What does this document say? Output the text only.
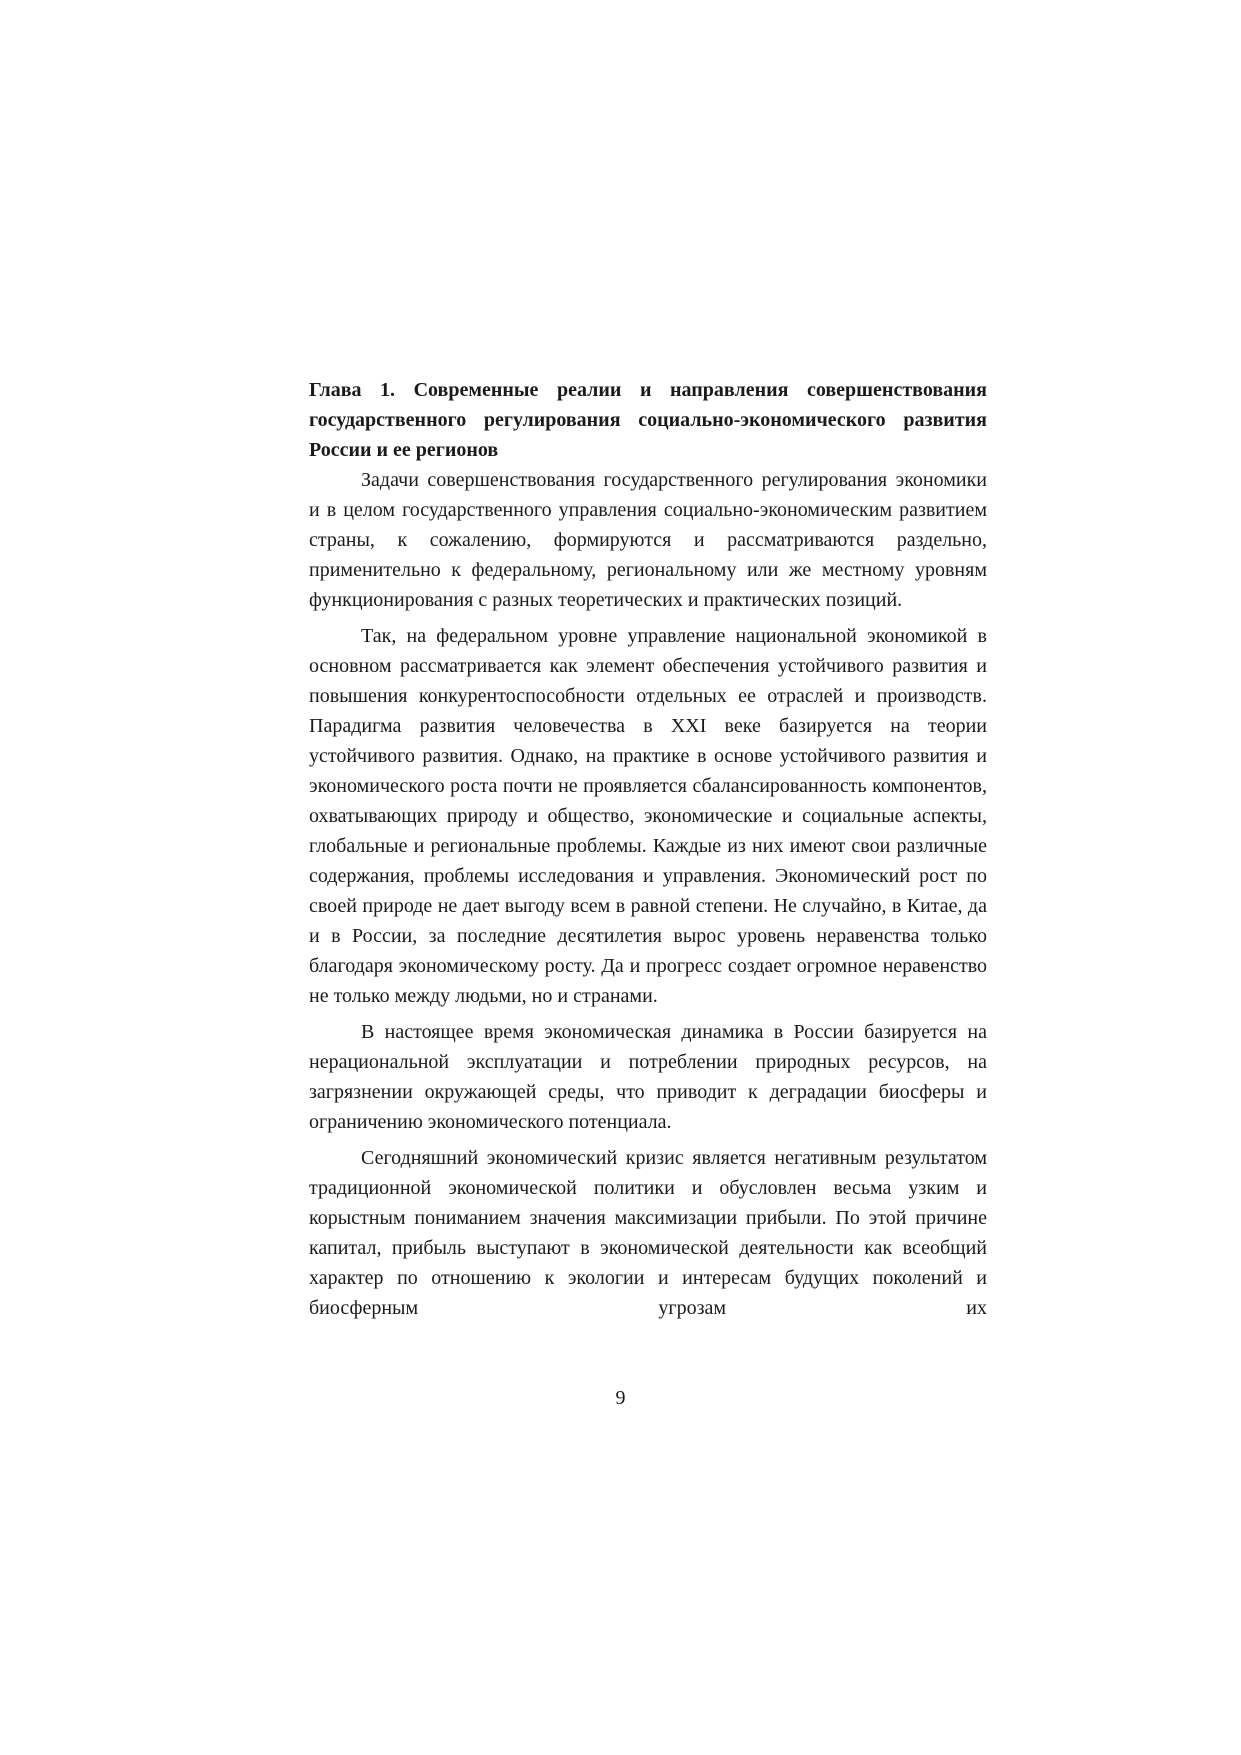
Глава 1. Современные реалии и направления совершенствования государственного регулирования социально-экономического развития России и ее регионов

Задачи совершенствования государственного регулирования экономики и в целом государственного управления социально-экономическим развитием страны, к сожалению, формируются и рассматриваются раздельно, применительно к федеральному, региональному или же местному уровням функционирования с разных теоретических и практических позиций.

Так, на федеральном уровне управление национальной экономикой в основном рассматривается как элемент обеспечения устойчивого развития и повышения конкурентоспособности отдельных ее отраслей и производств. Парадигма развития человечества в XXI веке базируется на теории устойчивого развития. Однако, на практике в основе устойчивого развития и экономического роста почти не проявляется сбалансированность компонентов, охватывающих природу и общество, экономические и социальные аспекты, глобальные и региональные проблемы. Каждые из них имеют свои различные содержания, проблемы исследования и управления. Экономический рост по своей природе не дает выгоду всем в равной степени. Не случайно, в Китае, да и в России, за последние десятилетия вырос уровень неравенства только благодаря экономическому росту. Да и прогресс создает огромное неравенство не только между людьми, но и странами.

В настоящее время экономическая динамика в России базируется на нерациональной эксплуатации и потреблении природных ресурсов, на загрязнении окружающей среды, что приводит к деградации биосферы и ограничению экономического потенциала.

Сегодняшний экономический кризис является негативным результатом традиционной экономической политики и обусловлен весьма узким и корыстным пониманием значения максимизации прибыли. По этой причине капитал, прибыль выступают в экономической деятельности как всеобщий характер по отношению к экологии и интересам будущих поколений и биосферным угрозам их

9
